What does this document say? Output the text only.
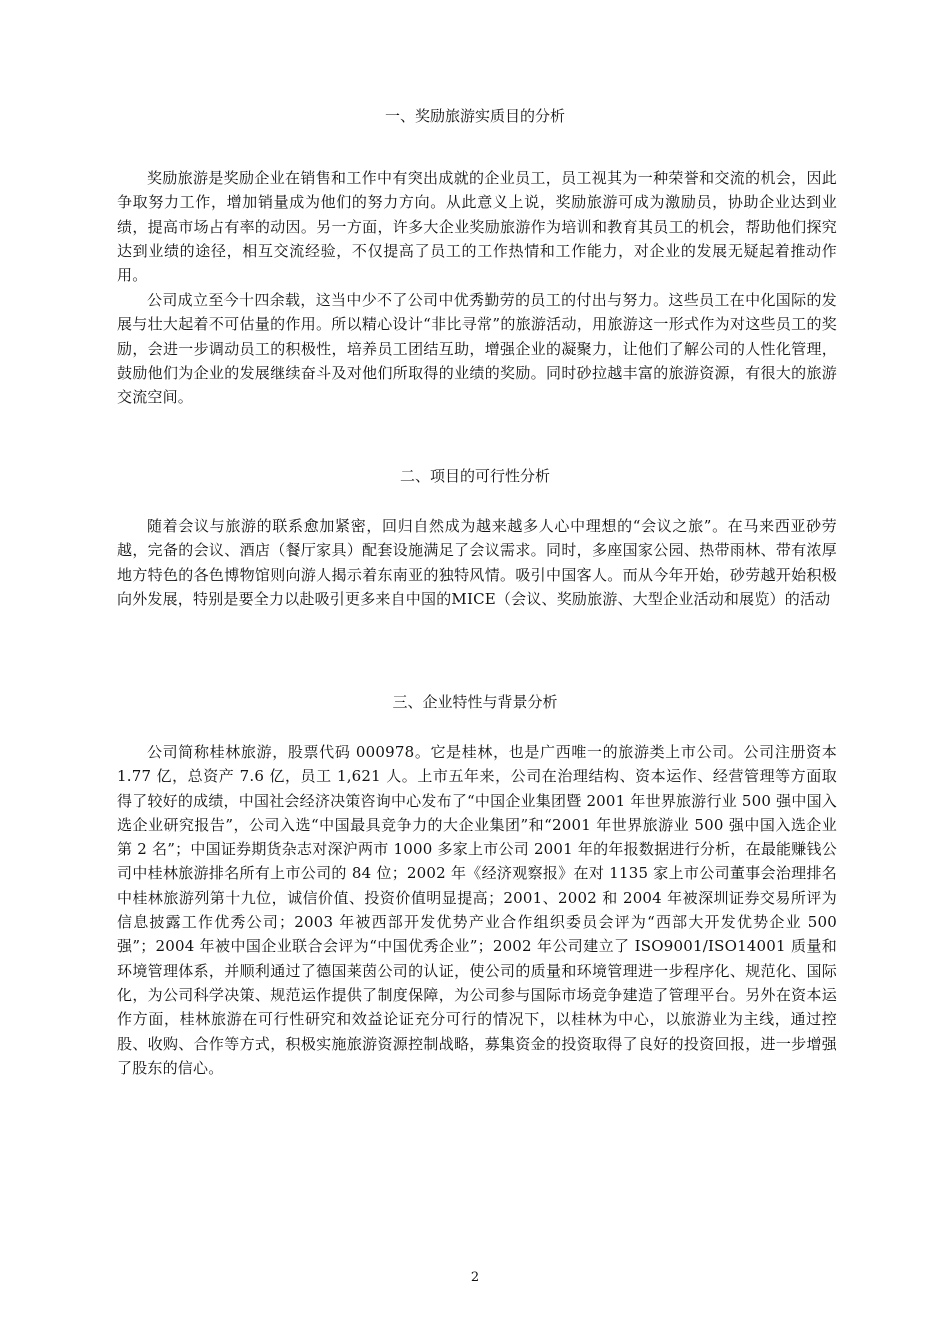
一、奖励旅游实质目的分析

奖励旅游是奖励企业在销售和工作中有突出成就的企业员工，员工视其为一种荣誉和交流的机会，因此争取努力工作，增加销量成为他们的努力方向。从此意义上说，奖励旅游可成为激励员，协助企业达到业绩，提高市场占有率的动因。另一方面，许多大企业奖励旅游作为培训和教育其员工的机会，帮助他们探究达到业绩的途径，相互交流经验，不仅提高了员工的工作热情和工作能力，对企业的发展无疑起着推动作用。

公司成立至今十四余载，这当中少不了公司中优秀勤劳的员工的付出与努力。这些员工在中化国际的发展与壮大起着不可估量的作用。所以精心设计“非比寻常”的旅游活动，用旅游这一形式作为对这些员工的奖励，会进一步调动员工的积极性，培养员工团结互助，增强企业的凝聚力，让他们了解公司的人性化管理，鼓励他们为企业的发展继续奋斗及对他们所取得的业绩的奖励。同时砂拉越丰富的旅游资源，有很大的旅游交流空间。

二、项目的可行性分析

随着会议与旅游的联系愈加紧密，回归自然成为越来越多人心中理想的“会议之旅”。在马来西亚砂劳越，完备的会议、酒店（餐厅家具）配套设施满足了会议需求。同时，多座国家公园、热带雨林、带有浓厚地方特色的各色博物馆则向游人揭示着东南亚的独特风情。吸引中国客人。而从今年开始，砂劳越开始积极向外发展，特别是要全力以赴吸引更多来自中国的MICE（会议、奖励旅游、大型企业活动和展览）的活动

三、企业特性与背景分析

公司简称桂林旅游，股票代码 000978。它是桂林，也是广西唯一的旅游类上市公司。公司注册资本 1.77 亿，总资产 7.6 亿，员工 1,621 人。上市五年来，公司在治理结构、资本运作、经营管理等方面取得了较好的成绩，中国社会经济决策咨询中心发布了“中国企业集团暨 2001 年世界旅游行业 500 强中国入选企业研究报告”，公司入选“中国最具竞争力的大企业集团”和“2001 年世界旅游业 500 强中国入选企业第 2 名”；中国证券期货杂志对深沪两市 1000 多家上市公司 2001 年的年报数据进行分析，在最能赚钱公司中桂林旅游排名所有上市公司的 84 位；2002 年《经济观察报》在对 1135 家上市公司董事会治理排名中桂林旅游列第十九位，诚信价值、投资价值明显提高；2001、2002 和 2004 年被深圳证券交易所评为信息披露工作优秀公司；2003 年被西部开发优势产业合作组织委员会评为“西部大开发优势企业 500 强”；2004 年被中国企业联合会评为“中国优秀企业”；2002 年公司建立了 ISO9001/ISO14001 质量和环境管理体系，并顺利通过了德国莱茵公司的认证，使公司的质量和环境管理进一步程序化、规范化、国际化，为公司科学决策、规范运作提供了制度保障，为公司参与国际市场竞争建造了管理平台。另外在资本运作方面，桂林旅游在可行性研究和效益论证充分可行的情况下，以桂林为中心，以旅游业为主线，通过控股、收购、合作等方式，积极实施旅游资源控制战略，募集资金的投资取得了良好的投资回报，进一步增强了股东的信心。

2
